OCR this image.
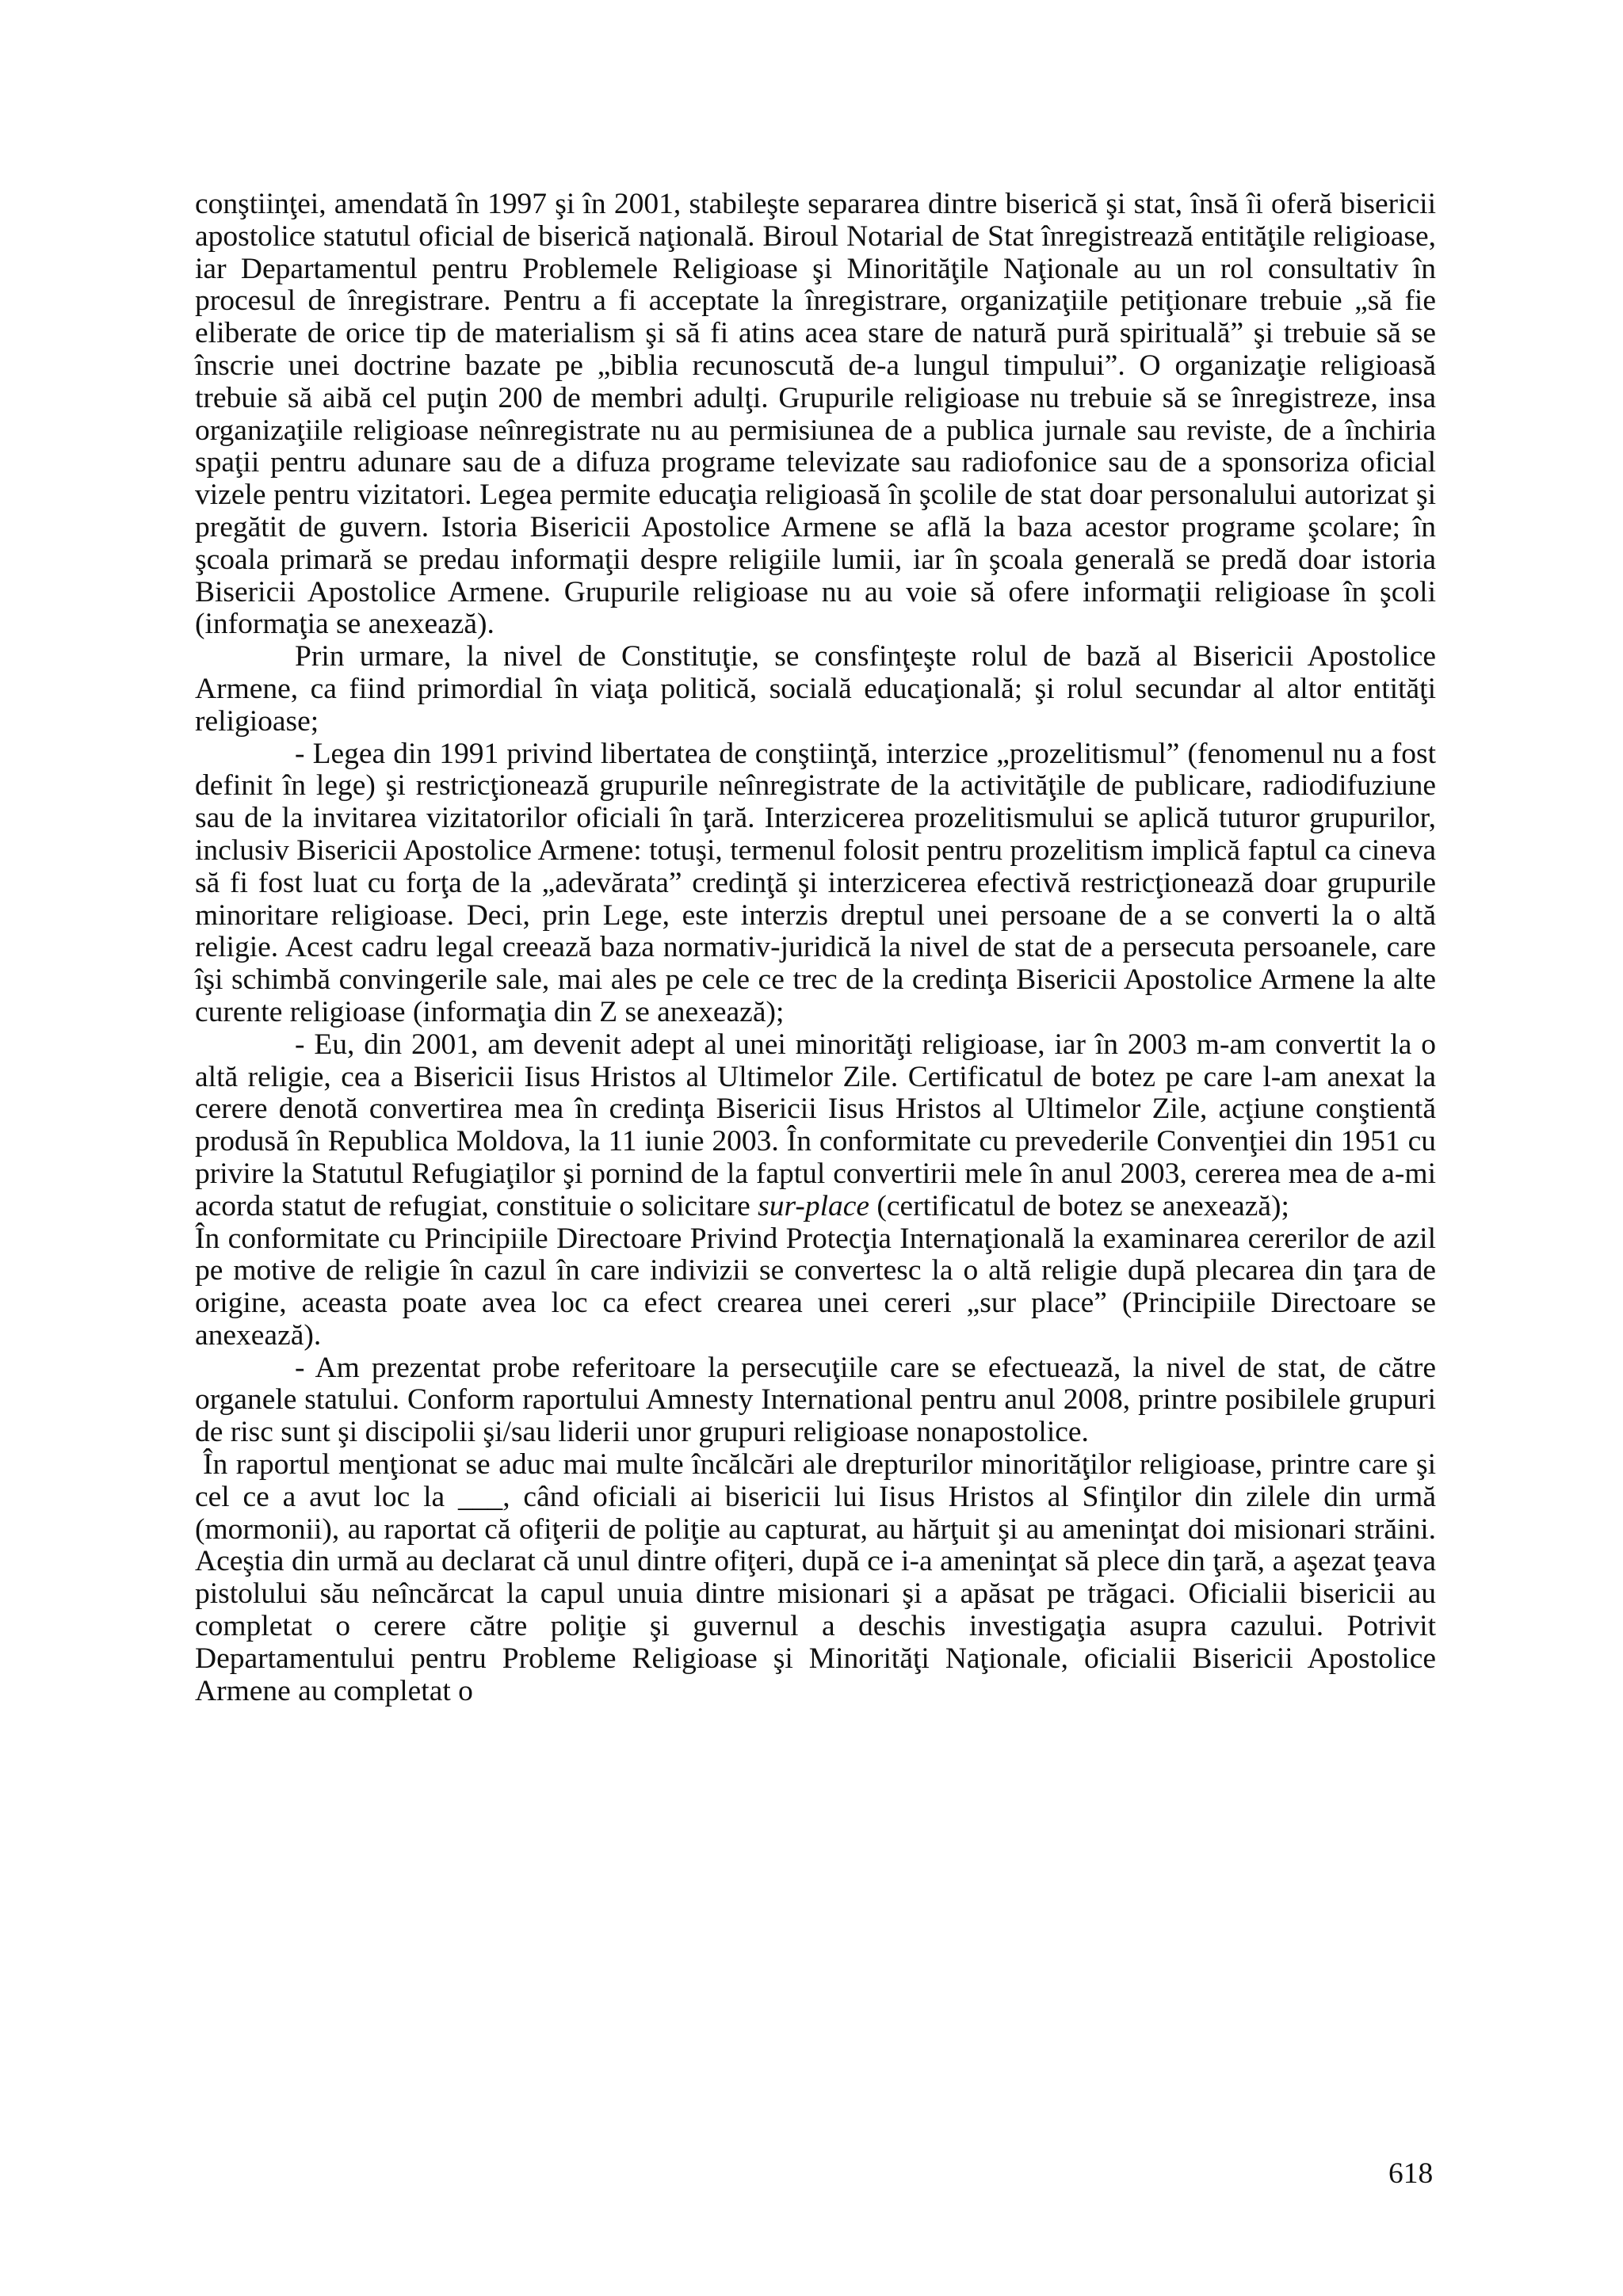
conştiinţei, amendată în 1997 şi în 2001, stabileşte separarea dintre biserică şi stat, însă îi oferă bisericii apostolice statutul oficial de biserică naţională. Biroul Notarial de Stat înregistrează entităţile religioase, iar Departamentul pentru Problemele Religioase şi Minorităţile Naţionale au un rol consultativ în procesul de înregistrare. Pentru a fi acceptate la înregistrare, organizaţiile petiţionare trebuie „să fie eliberate de orice tip de materialism şi să fi atins acea stare de natură pură spirituală” şi trebuie să se înscrie unei doctrine bazate pe „biblia recunoscută de-a lungul timpului”. O organizaţie religioasă trebuie să aibă cel puţin 200 de membri adulţi. Grupurile religioase nu trebuie să se înregistreze, insa organizaţiile religioase neînregistrate nu au permisiunea de a publica jurnale sau reviste, de a închiria spaţii pentru adunare sau de a difuza programe televizate sau radiofonice sau de a sponsoriza oficial vizele pentru vizitatori. Legea permite educaţia religioasă în şcolile de stat doar personalului autorizat şi pregătit de guvern. Istoria Bisericii Apostolice Armene se află la baza acestor programe şcolare; în şcoala primară se predau informaţii despre religiile lumii, iar în şcoala generală se predă doar istoria Bisericii Apostolice Armene. Grupurile religioase nu au voie să ofere informaţii religioase în şcoli (informaţia se anexează).

Prin urmare, la nivel de Constituţie, se consfinţeşte rolul de bază al Bisericii Apostolice Armene, ca fiind primordial în viaţa politică, socială educaţională; şi rolul secundar al altor entităţi religioase;

- Legea din 1991 privind libertatea de conştiinţă, interzice „prozelitismul” (fenomenul nu a fost definit în lege) şi restricţionează grupurile neînregistrate de la activităţile de publicare, radiodifuziune sau de la invitarea vizitatorilor oficiali în ţară. Interzicerea prozelitismului se aplică tuturor grupurilor, inclusiv Bisericii Apostolice Armene: totuşi, termenul folosit pentru prozelitism implică faptul ca cineva să fi fost luat cu forţa de la „adevărata” credinţă şi interzicerea efectivă restricţionează doar grupurile minoritare religioase. Deci, prin Lege, este interzis dreptul unei persoane de a se converti la o altă religie. Acest cadru legal creează baza normativ-juridică la nivel de stat de a persecuta persoanele, care îşi schimbă convingerile sale, mai ales pe cele ce trec de la credinţa Bisericii Apostolice Armene la alte curente religioase (informaţia din Z se anexează);

- Eu, din 2001, am devenit adept al unei minorităţi religioase, iar în 2003 m-am convertit la o altă religie, cea a Bisericii Iisus Hristos al Ultimelor Zile. Certificatul de botez pe care l-am anexat la cerere denotă convertirea mea în credinţa Bisericii Iisus Hristos al Ultimelor Zile, acţiune conştientă produsă în Republica Moldova, la 11 iunie 2003. În conformitate cu prevederile Convenţiei din 1951 cu privire la Statutul Refugiaţilor şi pornind de la faptul convertirii mele în anul 2003, cererea mea de a-mi acorda statut de refugiat, constituie o solicitare sur-place (certificatul de botez se anexează);

În conformitate cu Principiile Directoare Privind Protecţia Internaţională la examinarea cererilor de azil pe motive de religie în cazul în care indivizii se convertesc la o altă religie după plecarea din ţara de origine, aceasta poate avea loc ca efect crearea unei cereri „sur place” (Principiile Directoare se anexează).

- Am prezentat probe referitoare la persecuţiile care se efectuează, la nivel de stat, de către organele statului. Conform raportului Amnesty International pentru anul 2008, printre posibilele grupuri de risc sunt şi discipolii şi/sau liderii unor grupuri religioase nonapostolice.

În raportul menţionat se aduc mai multe încălcări ale drepturilor minorităţilor religioase, printre care şi cel ce a avut loc la ___, când oficiali ai bisericii lui Iisus Hristos al Sfinţilor din zilele din urmă (mormonii), au raportat că ofiţerii de poliţie au capturat, au hărţuit şi au ameninţat doi misionari străini. Aceştia din urmă au declarat că unul dintre ofiţeri, după ce i-a ameninţat să plece din ţară, a aşezat ţeava pistolului său neîncărcat la capul unuia dintre misionari şi a apăsat pe trăgaci. Oficialii bisericii au completat o cerere către poliţie şi guvernul a deschis investigaţia asupra cazului. Potrivit Departamentului pentru Probleme Religioase şi Minorităţi Naţionale, oficialii Bisericii Apostolice Armene au completat o

618
